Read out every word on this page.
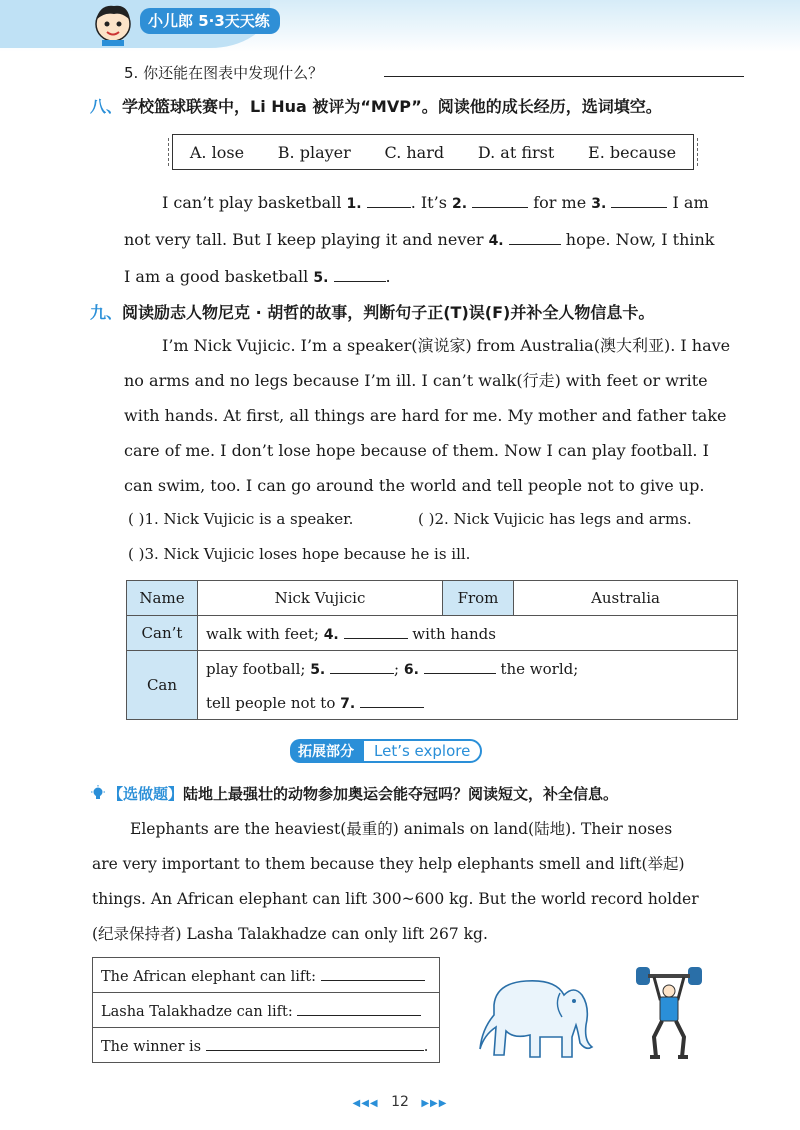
小儿郎 5·3天天练
5. 你还能在图表中发现什么？
八、学校篮球联赛中，Li Hua 被评为“MVP”。阅读他的成长经历，选词填空。
A. lose B. player C. hard D. at first E. because
I can’t play basketball 1.	. It’s 2.	for me 3.	I am
not very tall. But I keep playing it and never 4.	hope. Now, I think
I am a good basketball 5.	.
九、阅读励志人物尼克 · 胡哲的故事，判断句子正(T)误(F)并补全人物信息卡。
I’m Nick Vujicic. I’m a speaker(演说家) from Australia(澳大利亚). I have
no arms and no legs because I’m ill. I can’t walk(行走) with feet or write
with hands. At first, all things are hard for me. My mother and father take
care of me. I don’t lose hope because of them. Now I can play football. I
can swim, too. I can go around the world and tell people not to give up.
( )1. Nick Vujicic is a speaker.	( )2. Nick Vujicic has legs and arms.
( )3. Nick Vujicic loses hope because he is ill.
Name	Nick Vujicic	From	Australia
Can’t	walk with feet; 4. with hands		
Can	play football; 5. ; 6. the world;		
	tell people not to 7.		
拓展部分	Let’s explore
【选做题】陆地上最强壮的动物参加奥运会能夺冠吗？阅读短文，补全信息。
Elephants are the heaviest(最重的) animals on land(陆地). Their noses
are very important to them because they help elephants smell and lift(举起)
things. An African elephant can lift 300~600 kg. But the world record holder
(纪录保持者) Lasha Talakhadze can only lift 267 kg.
The African elephant can lift:
Lasha Talakhadze can lift:
The winner is	.
◀◀◀ 12 ▶▶▶
